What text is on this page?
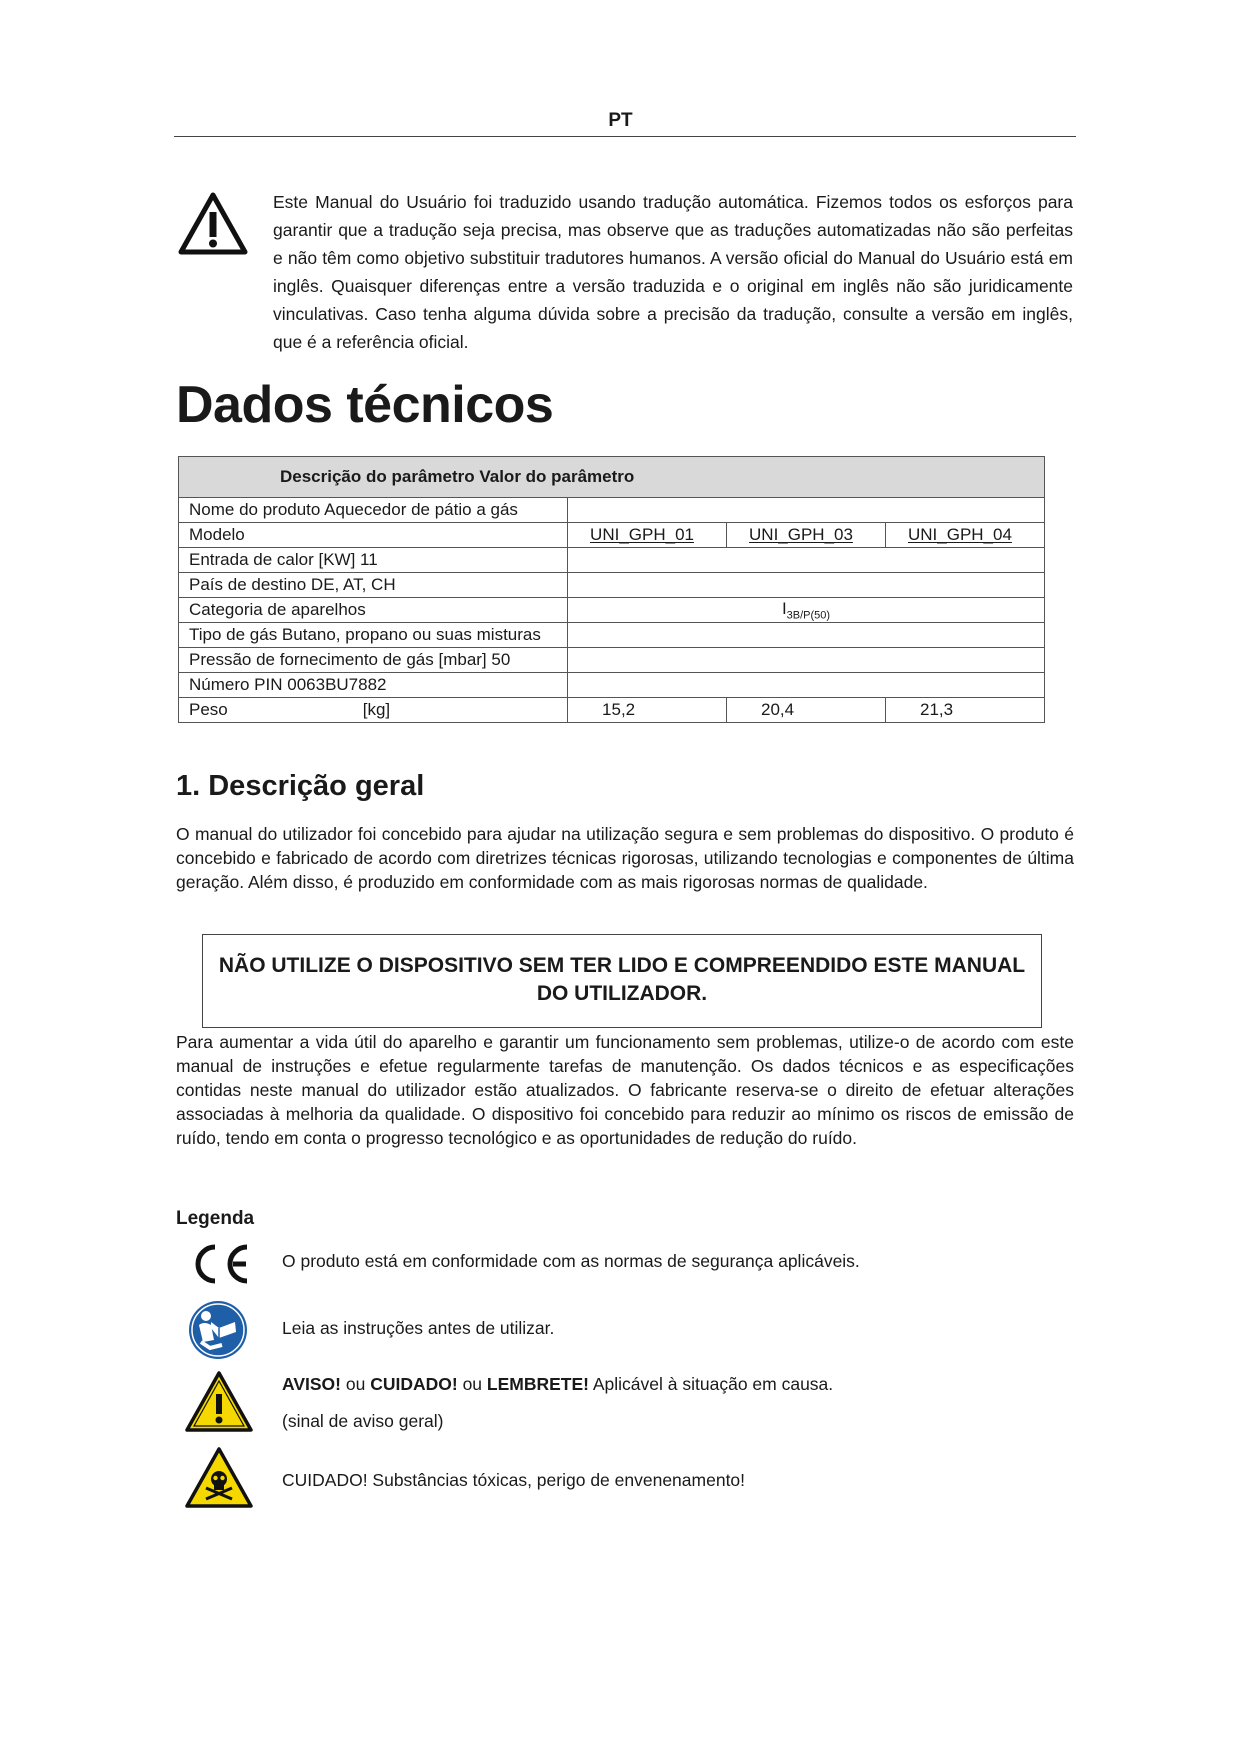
PT
Este Manual do Usuário foi traduzido usando tradução automática. Fizemos todos os esforços para garantir que a tradução seja precisa, mas observe que as traduções automatizadas não são perfeitas e não têm como objetivo substituir tradutores humanos. A versão oficial do Manual do Usuário está em inglês. Quaisquer diferenças entre a versão traduzida e o original em inglês não são juridicamente vinculativas. Caso tenha alguma dúvida sobre a precisão da tradução, consulte a versão em inglês, que é a referência oficial.
Dados técnicos
Descrição do parâmetro Valor do parâmetro			
Nome do produto Aquecedor de pátio a gás			
Modelo	UNI_GPH_01	UNI_GPH_03	UNI_GPH_04
Entrada de calor [KW] 11			
País de destino DE, AT, CH			
Categoria de aparelhos	$I_{3B/P(50)}$
Tipo de gás Butano, propano ou suas misturas			
Pressão de fornecimento de gás [mbar] 50			
Número PIN 0063BU7882			
Peso [kg]	15,2	20,4	21,3
1. Descrição geral

O manual do utilizador foi concebido para ajudar na utilização segura e sem problemas do dispositivo. O produto é concebido e fabricado de acordo com diretrizes técnicas rigorosas, utilizando tecnologias e componentes de última geração. Além disso, é produzido em conformidade com as mais rigorosas normas de qualidade.

NÃO UTILIZE O DISPOSITIVO SEM TER LIDO E COMPREENDIDO ESTE MANUAL DO UTILIZADOR.

Para aumentar a vida útil do aparelho e garantir um funcionamento sem problemas, utilize-o de acordo com este manual de instruções e efetue regularmente tarefas de manutenção. Os dados técnicos e as especificações contidas neste manual do utilizador estão atualizados. O fabricante reserva-se o direito de efetuar alterações associadas à melhoria da qualidade. O dispositivo foi concebido para reduzir ao mínimo os riscos de emissão de ruído, tendo em conta o progresso tecnológico e as oportunidades de redução do ruído.

Legenda
O produto está em conformidade com as normas de segurança aplicáveis.
Leia as instruções antes de utilizar.
AVISO! ou CUIDADO! ou LEMBRETE! Aplicável à situação em causa.
(sinal de aviso geral)
CUIDADO! Substâncias tóxicas, perigo de envenenamento!
